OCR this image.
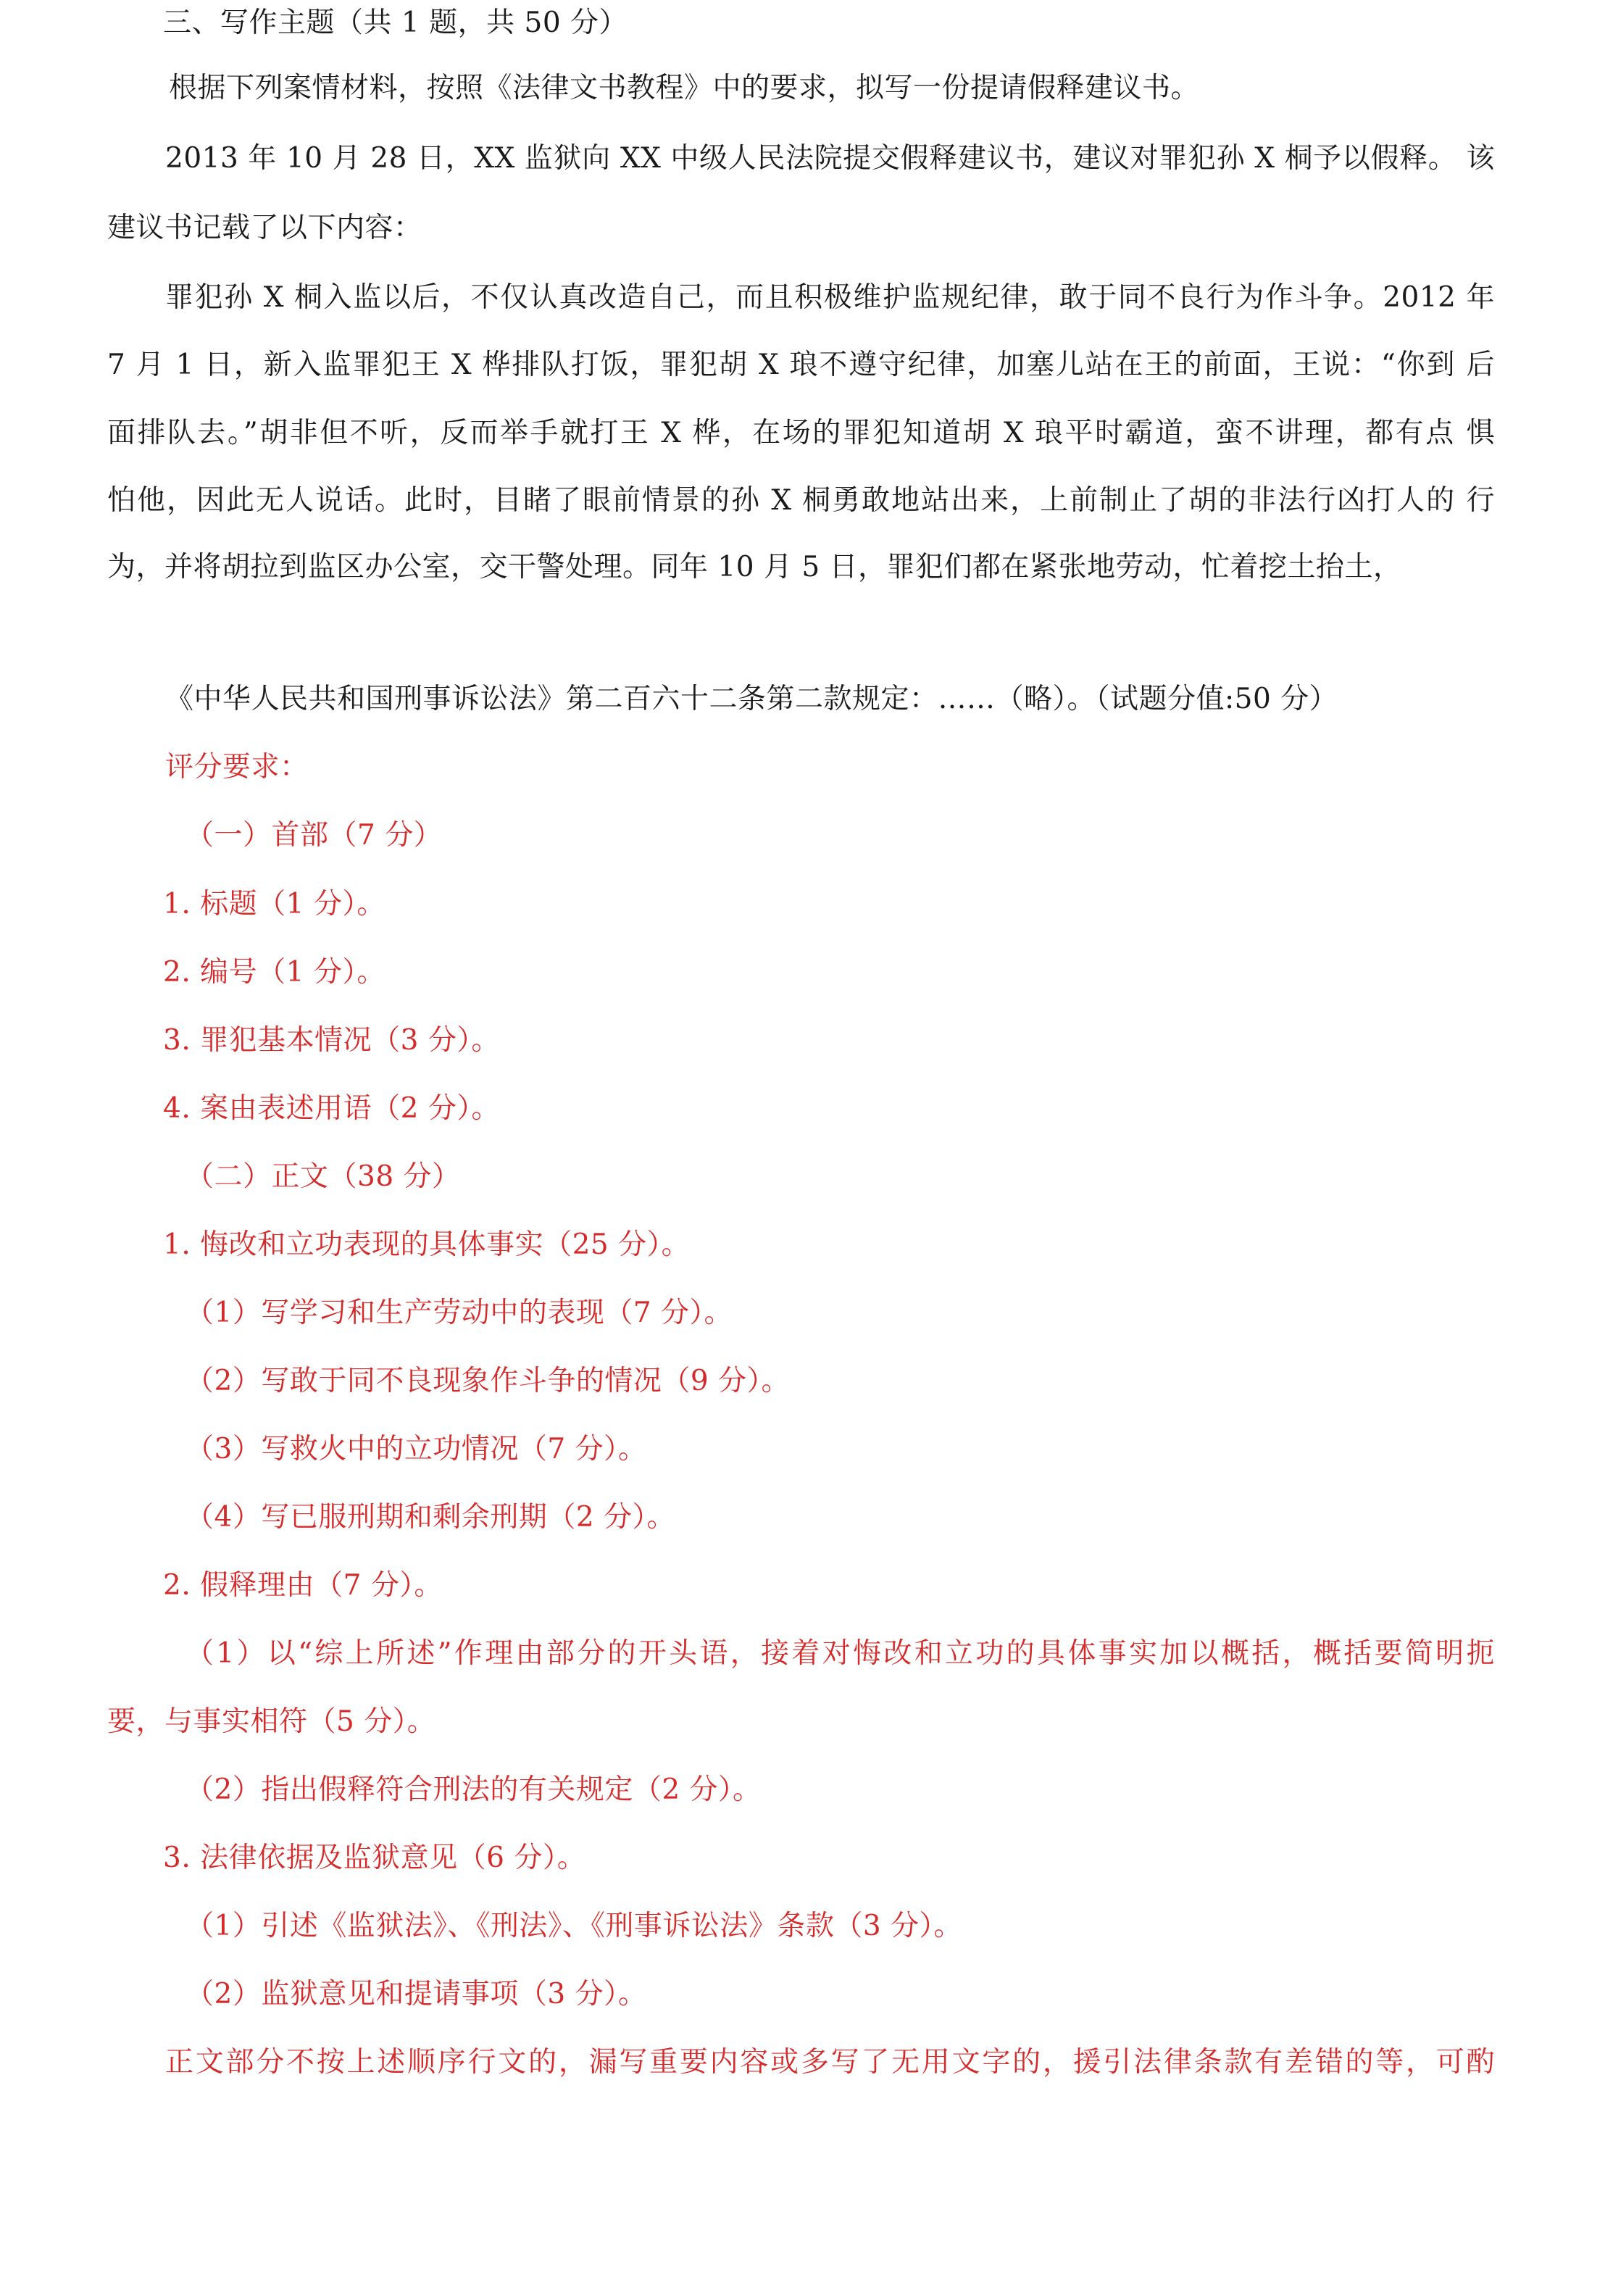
三、写作主题（共 1 题，共 50 分）
根据下列案情材料，按照《法律文书教程》中的要求，拟写一份提请假释建议书。
2013 年 10 月 28 日，XX 监狱向 XX 中级人民法院提交假释建议书，建议对罪犯孙 X 桐予以假释。 该
建议书记载了以下内容：
罪犯孙 X 桐入监以后，不仅认真改造自己，而且积极维护监规纪律，敢于同不良行为作斗争。2012 年
7 月 1 日，新入监罪犯王 X 桦排队打饭，罪犯胡 X 琅不遵守纪律，加塞儿站在王的前面，王说：“你到 后
面排队去。”胡非但不听，反而举手就打王 X 桦，在场的罪犯知道胡 X 琅平时霸道，蛮不讲理，都有点 惧
怕他，因此无人说话。此时，目睹了眼前情景的孙 X 桐勇敢地站出来，上前制止了胡的非法行凶打人的 行
为，并将胡拉到监区办公室，交干警处理。同年 10 月 5 日，罪犯们都在紧张地劳动，忙着挖土抬土，
《中华人民共和国刑事诉讼法》第二百六十二条第二款规定：……（略）。（试题分值:50 分）
评分要求：
（一）首部（7 分）
1. 标题（1 分）。
2. 编号（1 分）。
3. 罪犯基本情况（3 分）。
4. 案由表述用语（2 分）。
（二）正文（38 分）
1. 悔改和立功表现的具体事实（25 分）。
（1）写学习和生产劳动中的表现（7 分）。
（2）写敢于同不良现象作斗争的情况（9 分）。
（3）写救火中的立功情况（7 分）。
（4）写已服刑期和剩余刑期（2 分）。
2. 假释理由（7 分）。
（1）以“综上所述”作理由部分的开头语，接着对悔改和立功的具体事实加以概括，概括要简明扼
要，与事实相符（5 分）。
（2）指出假释符合刑法的有关规定（2 分）。
3. 法律依据及监狱意见（6 分）。
（1）引述《监狱法》、《刑法》、《刑事诉讼法》条款（3 分）。
（2）监狱意见和提请事项（3 分）。
正文部分不按上述顺序行文的，漏写重要内容或多写了无用文字的，援引法律条款有差错的等，可酌
